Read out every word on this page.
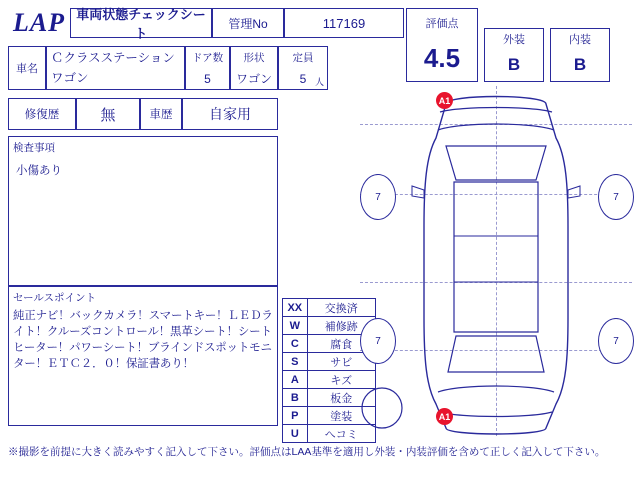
LAP 車両状態チェックシート
管理No	117169	評価点
4.5
外装
B
内装
B
車名
Ｃクラスステーションワゴン
ドア数
5
形状
ワゴン
定員
5 人
修復歴	無	車歴	自家用
検査事項
小傷あり
セールスポイント
純正ナビ！バックカメラ！スマートキー！ＬＥＤライト！クルーズコントロール！黒革シート！シートヒーター！パワーシート！ブラインドスポットモニター！ＥＴＣ２．０！保証書あり！
XX	交換済
W	補修跡
C	腐食
S	サビ
A	キズ
B	板金
P	塗装
U	へコミ
7	7
7	7
A1
A1
※撮影を前提に大きく読みやすく記入して下さい。評価点はLAA基準を適用し外装・内装評価を含めて正しく記入して下さい。
